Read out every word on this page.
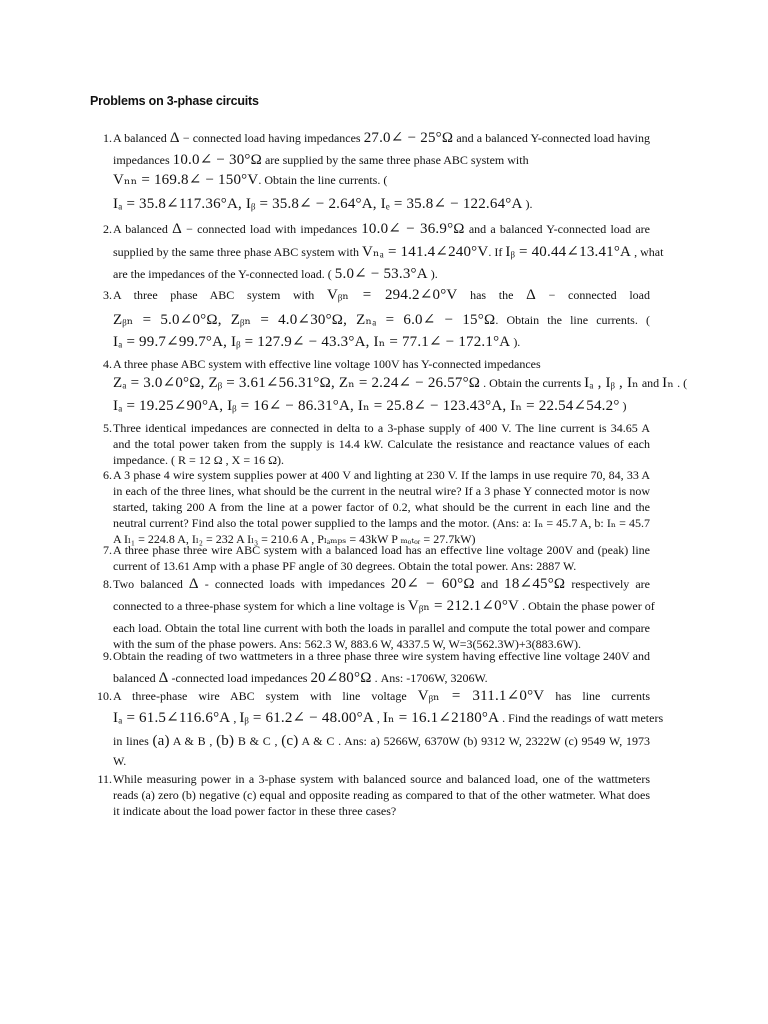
Problems on 3-phase circuits
1. A balanced Δ − connected load having impedances 27.0∠ − 25°Ω and a balanced Y-connected load having
impedances 10.0∠ − 30°Ω are supplied by the same three phase ABC system with
Vₙₙ = 169.8∠ − 150°V. Obtain the line currents. (
Iₐ = 35.8∠117.36°A, Iᵦ = 35.8∠ − 2.64°A, Iₑ = 35.8∠ − 122.64°A ).
2. A balanced Δ − connected load with impedances 10.0∠ − 36.9°Ω and a balanced Y-connected load are
supplied by the same three phase ABC system with Vₙₐ = 141.4∠240°V. If Iᵦ = 40.44∠13.41°A , what
are the impedances of the Y-connected load. ( 5.0∠ − 53.3°A ).
3. A three phase ABC system with Vᵦₙ = 294.2∠0°V has the Δ − connected load
Zᵦₙ = 5.0∠0°Ω, Zᵦₙ = 4.0∠30°Ω, Zₙₐ = 6.0∠ − 15°Ω. Obtain the line currents. (
Iₐ = 99.7∠99.7°A, Iᵦ = 127.9∠ − 43.3°A, Iₙ = 77.1∠ − 172.1°A ).
4. A three phase ABC system with effective line voltage 100V has Y-connected impedances
Zₐ = 3.0∠0°Ω, Zᵦ = 3.61∠56.31°Ω, Zₙ = 2.24∠ − 26.57°Ω . Obtain the currents Iₐ , Iᵦ , Iₙ and Iₙ . (
Iₐ = 19.25∠90°A, Iᵦ = 16∠ − 86.31°A, Iₙ = 25.8∠ − 123.43°A, Iₙ = 22.54∠54.2° )
5. Three identical impedances are connected in delta to a 3-phase supply of 400 V. The line current is 34.65 A
and the total power taken from the supply is 14.4 kW. Calculate the resistance and reactance values of each
impedance. ( R = 12 Ω , X = 16 Ω).
6. A 3 phase 4 wire system supplies power at 400 V and lighting at 230 V. If the lamps in use require 70, 84, 33 A
in each of the three lines, what should be the current in the neutral wire? If a 3 phase Y connected motor is now
started, taking 200 A from the line at a power factor of 0.2, what should be the current in each line and the
neutral current? Find also the total power supplied to the lamps and the motor. (Ans: a: Iₙ = 45.7 A, b: Iₙ = 45.7
A Iₗ₁ = 224.8 A, Iₗ₂ = 232 A Iₗ₃ = 210.6 A , Pₗₐₘₚₛ = 43kW P ₘₒₜₒᵣ = 27.7kW)
7. A three phase three wire ABC system with a balanced load has an effective line voltage 200V and (peak) line
current of 13.61 Amp with a phase PF angle of 30 degrees. Obtain the total power. Ans: 2887 W.
8. Two balanced Δ - connected loads with impedances 20∠ − 60°Ω and 18∠45°Ω respectively are
connected to a three-phase system for which a line voltage is Vᵦₙ = 212.1∠0°V . Obtain the phase power of
each load. Obtain the total line current with both the loads in parallel and compute the total power and compare
with the sum of the phase powers. Ans: 562.3 W, 883.6 W, 4337.5 W, W=3(562.3W)+3(883.6W).
9. Obtain the reading of two wattmeters in a three phase three wire system having effective line voltage 240V and
balanced Δ -connected load impedances 20∠80°Ω . Ans: -1706W, 3206W.
10. A three-phase wire ABC system with line voltage Vᵦₙ = 311.1∠0°V has line currents
Iₐ = 61.5∠116.6°A , Iᵦ = 61.2∠ − 48.00°A , Iₙ = 16.1∠2180°A . Find the readings of watt meters
in lines (a) A & B , (b) B & C , (c) A & C . Ans: a) 5266W, 6370W (b) 9312 W, 2322W (c) 9549 W, 1973
W.
11. While measuring power in a 3-phase system with balanced source and balanced load, one of the wattmeters
reads (a) zero (b) negative (c) equal and opposite reading as compared to that of the other watmeter. What does
it indicate about the load power factor in these three cases?
